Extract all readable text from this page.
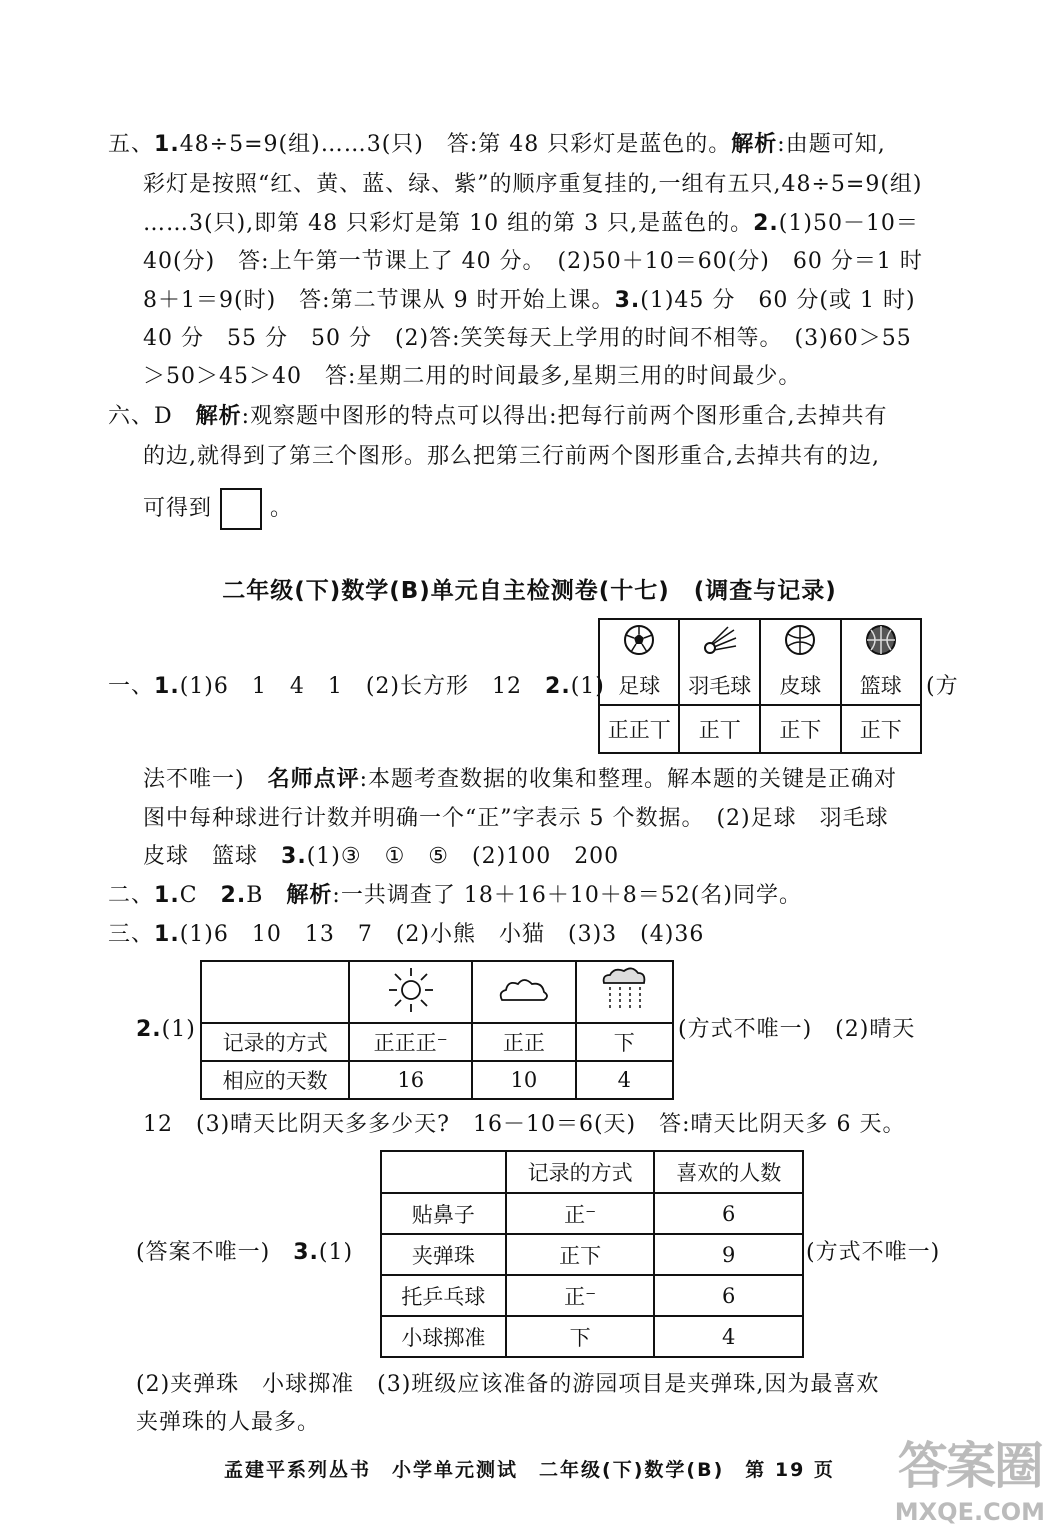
五、1.48÷5=9(组)……3(只)　答:第 48 只彩灯是蓝色的。解析:由题可知,
彩灯是按照“红、黄、蓝、绿、紫”的顺序重复挂的,一组有五只,48÷5=9(组)
……3(只),即第 48 只彩灯是第 10 组的第 3 只,是蓝色的。2.(1)50－10＝
40(分)　答:上午第一节课上了 40 分。　(2)50＋10＝60(分)　60 分＝1 时
8＋1＝9(时)　答:第二节课从 9 时开始上课。3.(1)45 分　60 分(或 1 时)
40 分　55 分　50 分　(2)答:笑笑每天上学用的时间不相等。　(3)60＞55
＞50＞45＞40　答:星期二用的时间最多,星期三用的时间最少。
六、D　解析:观察题中图形的特点可以得出:把每行前两个图形重合,去掉共有
的边,就得到了第三个图形。那么把第三行前两个图形重合,去掉共有的边,
可得到	。
二年级(下)数学(B)单元自主检测卷(十七)　(调查与记录)
一、1.(1)6　1　4　1　(2)长方形　12　 2.(1)
			足球	羽毛球	皮球	篮球
正正丅	正丅	正下	正下
(方
法不唯一)　名师点评:本题考查数据的收集和整理。解本题的关键是正确对
图中每种球进行计数并明确一个“正”字表示 5 个数据。　(2)足球　羽毛球
皮球　篮球　 3.(1)③　①　⑤　(2)100　200
二、1.C　 2.B　 解析:一共调查了 18＋16＋10＋8＝52(名)同学。
三、1.(1)6　10　13　7　(2)小熊　小猫　(3)3　(4)36
2.(1)

记录的方式	正正正⁻	正正	下
相应的天数	16	10	4
(方式不唯一)　(2)晴天
12　(3)晴天比阴天多多少天?　16－10＝6(天)　答:晴天比阴天多 6 天。
(答案不唯一)　 3.(1)
	记录的方式	喜欢的人数
贴鼻子	正⁻	6
夹弹珠	正下	9
托乒乓球	正⁻	6
小球掷准	下	4
(方式不唯一)
(2)夹弹珠　小球掷准　(3)班级应该准备的游园项目是夹弹珠,因为最喜欢
夹弹珠的人最多。
孟建平系列丛书　小学单元测试　二年级(下)数学(B)　第 19 页	答案圈
MXQE.COM
